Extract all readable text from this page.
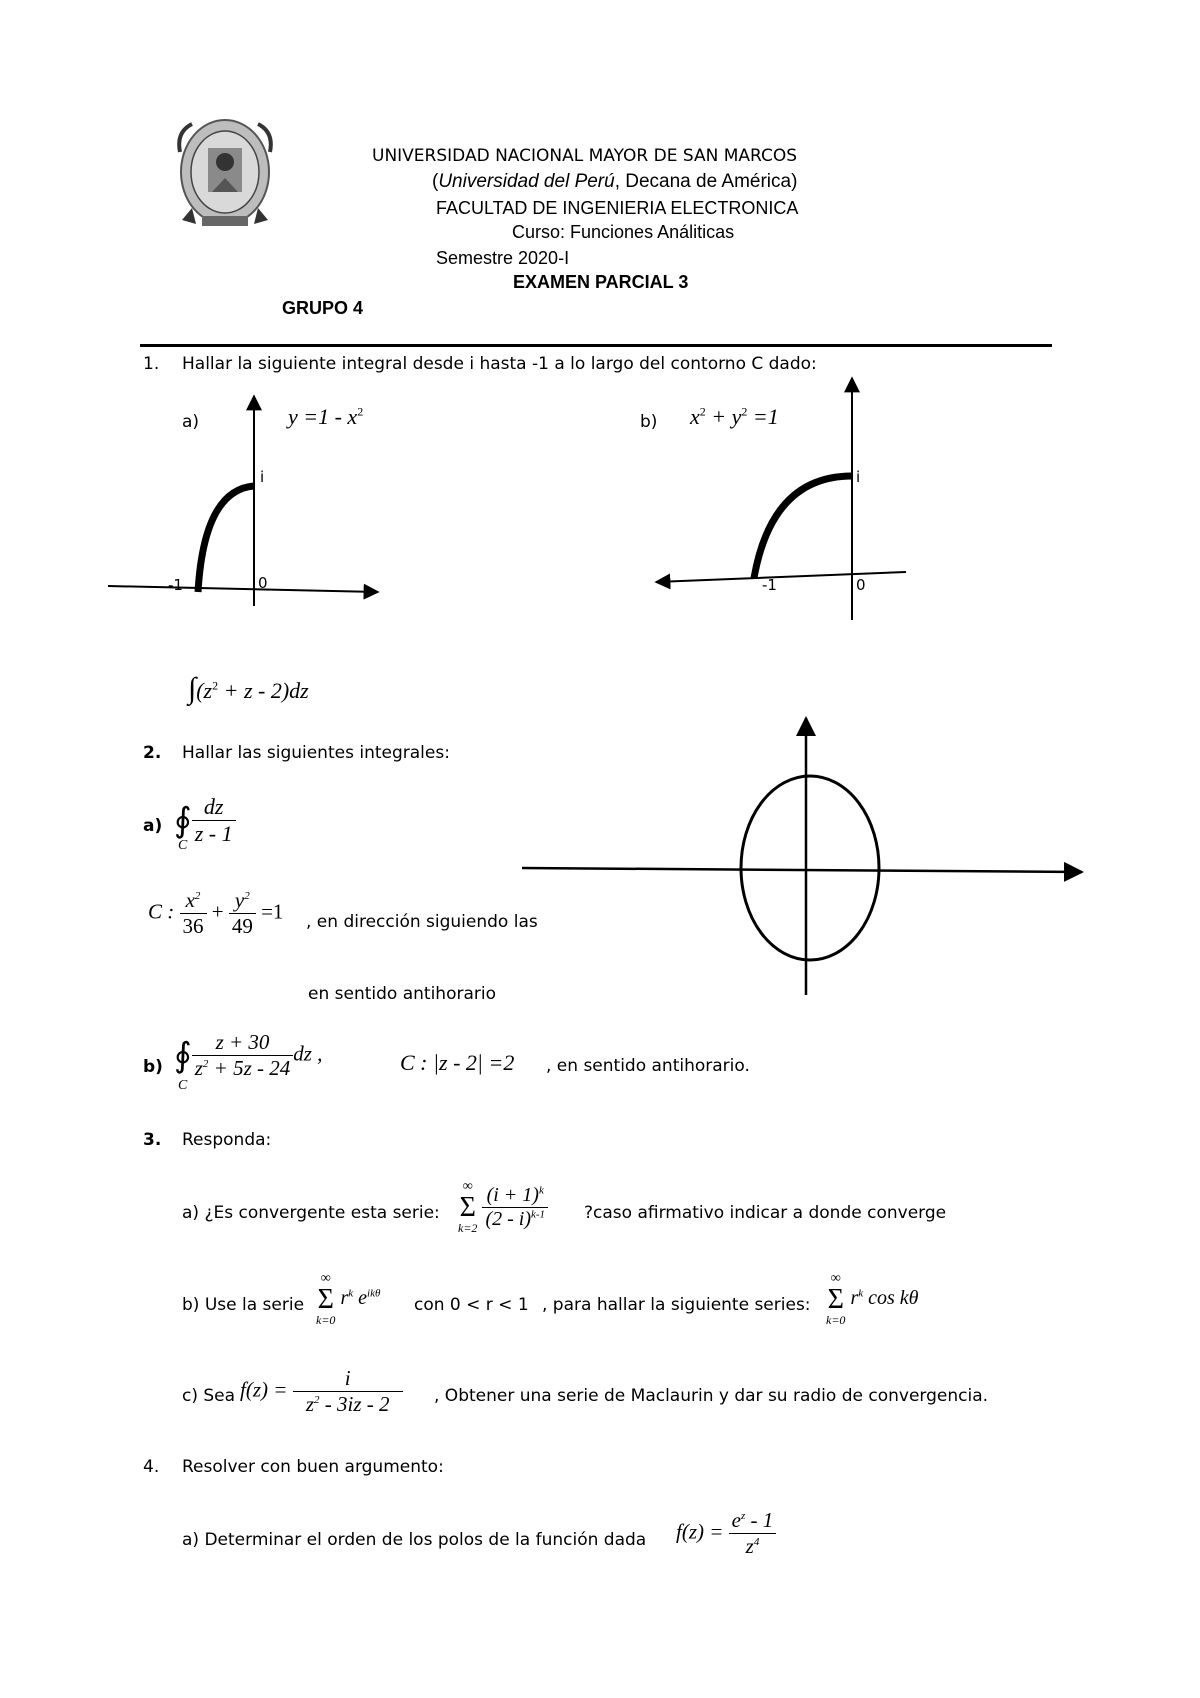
UNIVERSIDAD NACIONAL MAYOR DE SAN MARCOS
(Universidad del Perú, Decana de América)
FACULTAD DE INGENIERIA ELECTRONICA
Curso: Funciones Análiticas
Semestre 2020-I
EXAMEN PARCIAL 3
GRUPO 4
1. Hallar la siguiente integral desde i hasta -1 a lo largo del contorno C dado:
a)	$y =1 - x^2$
b) $x^2 + y^2 =1$
i
-1	0
i
-1	0
$\int(z^2 + z - 2)dz$
2. Hallar las siguientes integrales:
a) ∮ $\frac{dz}{z - 1}$
C
C : $\frac{x^2}{36} + \frac{y^2}{49} =1$ , en dirección siguiendo las
en sentido antihorario
b) ∮ $\frac{z + 30}{z^2 + 5z - 24}$ dz ,
C
C : |z - 2| =2 , en sentido antihorario.
3. Responda:
a) ¿Es convergente esta serie:
∞
Σ
k=2
$\frac{(i + 1)^k}{(2 - i)^{k-1}}$ ?caso afirmativo indicar a donde converge
b) Use la serie
∞
Σ
k=0
$r^k$ $e^{ik\theta}$
con 0 < r < 1 , para hallar la siguiente series:
∞
Σ
k=0
$r^k$ cos kθ
c) Sea $f(z) = \frac{i}{z^2 - 3iz - 2}$ , Obtener una serie de Maclaurin y dar su radio de convergencia.
4. Resolver con buen argumento:
a) Determinar el orden de los polos de la función dada $f(z) = \frac{e^z - 1}{z^4}$
